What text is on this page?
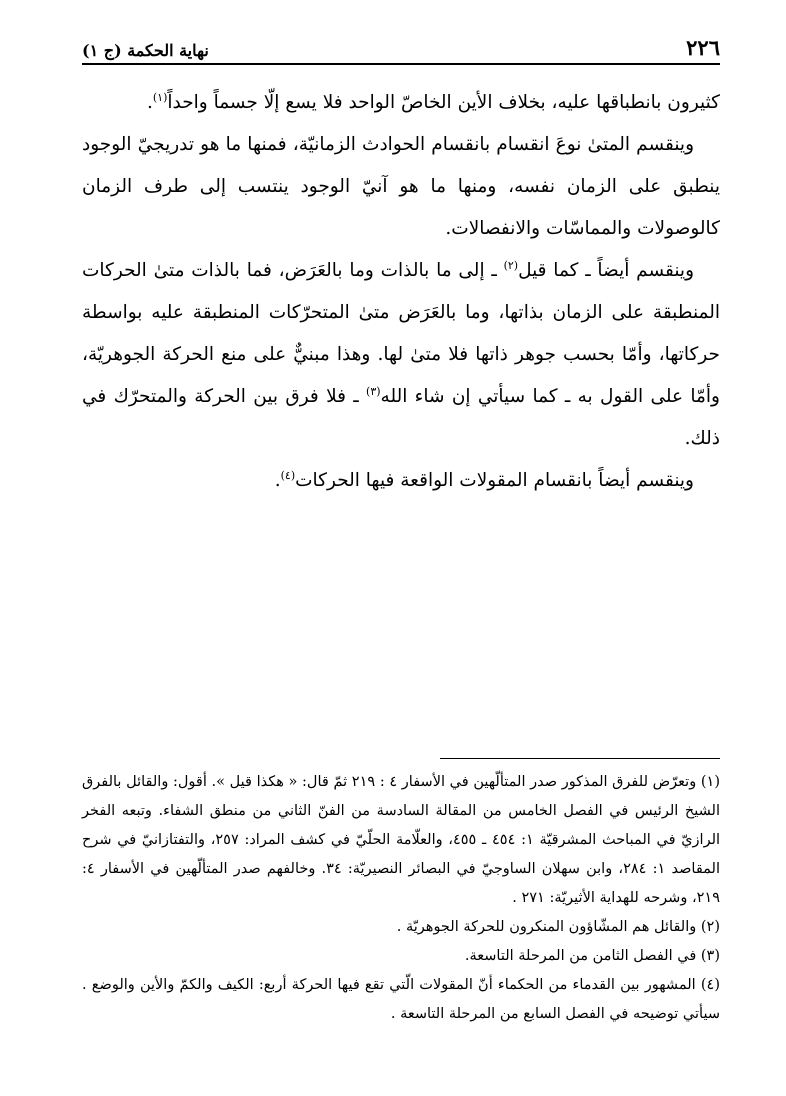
٢٢٦
نهاية الحكمة (ج ١)

كثيرون بانطباقها عليه، بخلاف الأين الخاصّ الواحد فلا يسع إلّا جسماً واحداً$^{(١)}$.

وينقسم المتىٰ نوعَ انقسام بانقسام الحوادث الزمانيّة، فمنها ما هو تدريجيّ الوجود ينطبق على الزمان نفسه، ومنها ما هو آنيّ الوجود ينتسب إلى طرف الزمان كالوصولات والمماسّات والانفصالات.

وينقسم أيضاً ـ كما قيل$^{(٢)}$ ـ إلى ما بالذات وما بالعَرَض، فما بالذات متىٰ الحركات المنطبقة على الزمان بذاتها، وما بالعَرَض متىٰ المتحرّكات المنطبقة عليه بواسطة حركاتها، وأمّا بحسب جوهر ذاتها فلا متىٰ لها. وهذا مبنيٌّ على منع الحركة الجوهريّة، وأمّا على القول به ـ كما سيأتي إن شاء الله$^{(٣)}$ ـ فلا فرق بين الحركة والمتحرّك في ذلك.

وينقسم أيضاً بانقسام المقولات الواقعة فيها الحركات$^{(٤)}$.

(١) وتعرّض للفرق المذكور صدر المتألّهين في الأسفار ٤ : ٢١٩ ثمّ قال: « هكذا قيل ». أقول: والقائل بالفرق الشيخ الرئيس في الفصل الخامس من المقالة السادسة من الفنّ الثاني من منطق الشفاء. وتبعه الفخر الرازيّ في المباحث المشرقيّة ١: ٤٥٤ ـ ٤٥٥، والعلّامة الحلّيّ في كشف المراد: ٢٥٧، والتفتازانيّ في شرح المقاصد ١: ٢٨٤، وابن سهلان الساوجيّ في البصائر النصيريّة: ٣٤. وخالفهم صدر المتألّهين في الأسفار ٤: ٢١٩، وشرحه للهداية الأثيريّة: ٢٧١ .

(٢) والقائل هم المشّاؤون المنكرون للحركة الجوهريّة .

(٣) في الفصل الثامن من المرحلة التاسعة.

(٤) المشهور بين القدماء من الحكماء أنّ المقولات الّتي تقع فيها الحركة أربع: الكيف والكمّ والأين والوضع . سيأتي توضيحه في الفصل السابع من المرحلة التاسعة .
